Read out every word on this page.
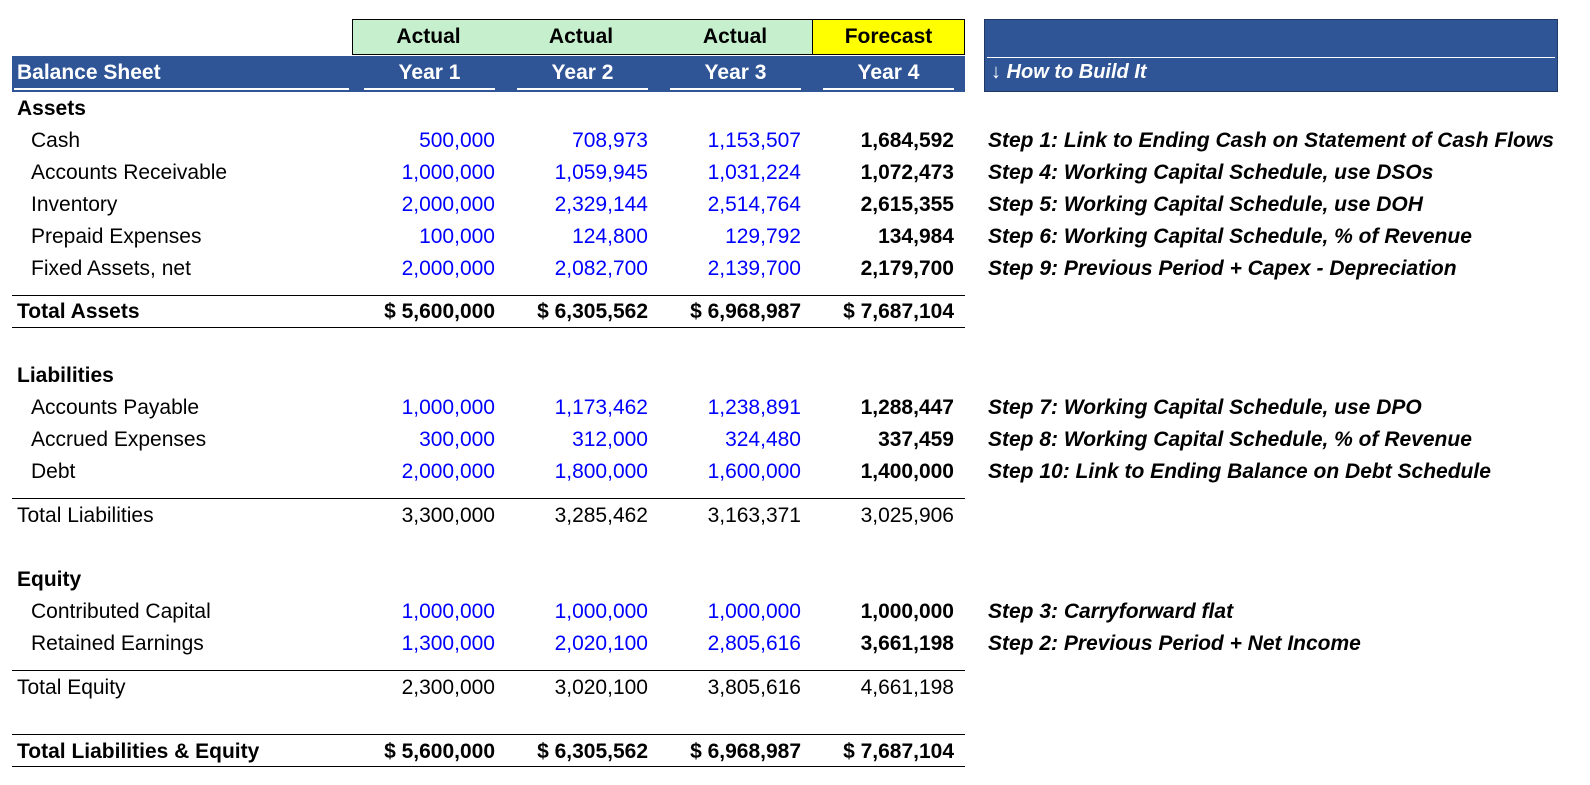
Actual	Actual	Actual	Forecast
Balance Sheet	Year 1	Year 2	Year 3	Year 4	↓ How to Build It
Assets
Cash	500,000	708,973	1,153,507	1,684,592 Step 1: Link to Ending Cash on Statement of Cash Flows
Accounts Receivable	1,000,000	1,059,945	1,031,224	1,072,473 Step 4: Working Capital Schedule, use DSOs
Inventory	2,000,000	2,329,144	2,514,764	2,615,355 Step 5: Working Capital Schedule, use DOH
Prepaid Expenses	100,000	124,800	129,792	134,984 Step 6: Working Capital Schedule, % of Revenue
Fixed Assets, net	2,000,000	2,082,700	2,139,700	2,179,700 Step 9: Previous Period + Capex - Depreciation
Total Assets	$ 5,600,000	$ 6,305,562	$ 6,968,987	$ 7,687,104
Liabilities
Accounts Payable	1,000,000	1,173,462	1,238,891	1,288,447 Step 7: Working Capital Schedule, use DPO
Accrued Expenses	300,000	312,000	324,480	337,459 Step 8: Working Capital Schedule, % of Revenue
Debt	2,000,000	1,800,000	1,600,000	1,400,000 Step 10: Link to Ending Balance on Debt Schedule
Total Liabilities	3,300,000	3,285,462	3,163,371	3,025,906
Equity
Contributed Capital	1,000,000	1,000,000	1,000,000	1,000,000 Step 3: Carryforward flat
Retained Earnings	1,300,000	2,020,100	2,805,616	3,661,198 Step 2: Previous Period + Net Income
Total Equity	2,300,000	3,020,100	3,805,616	4,661,198
Total Liabilities & Equity	$ 5,600,000	$ 6,305,562	$ 6,968,987	$ 7,687,104
